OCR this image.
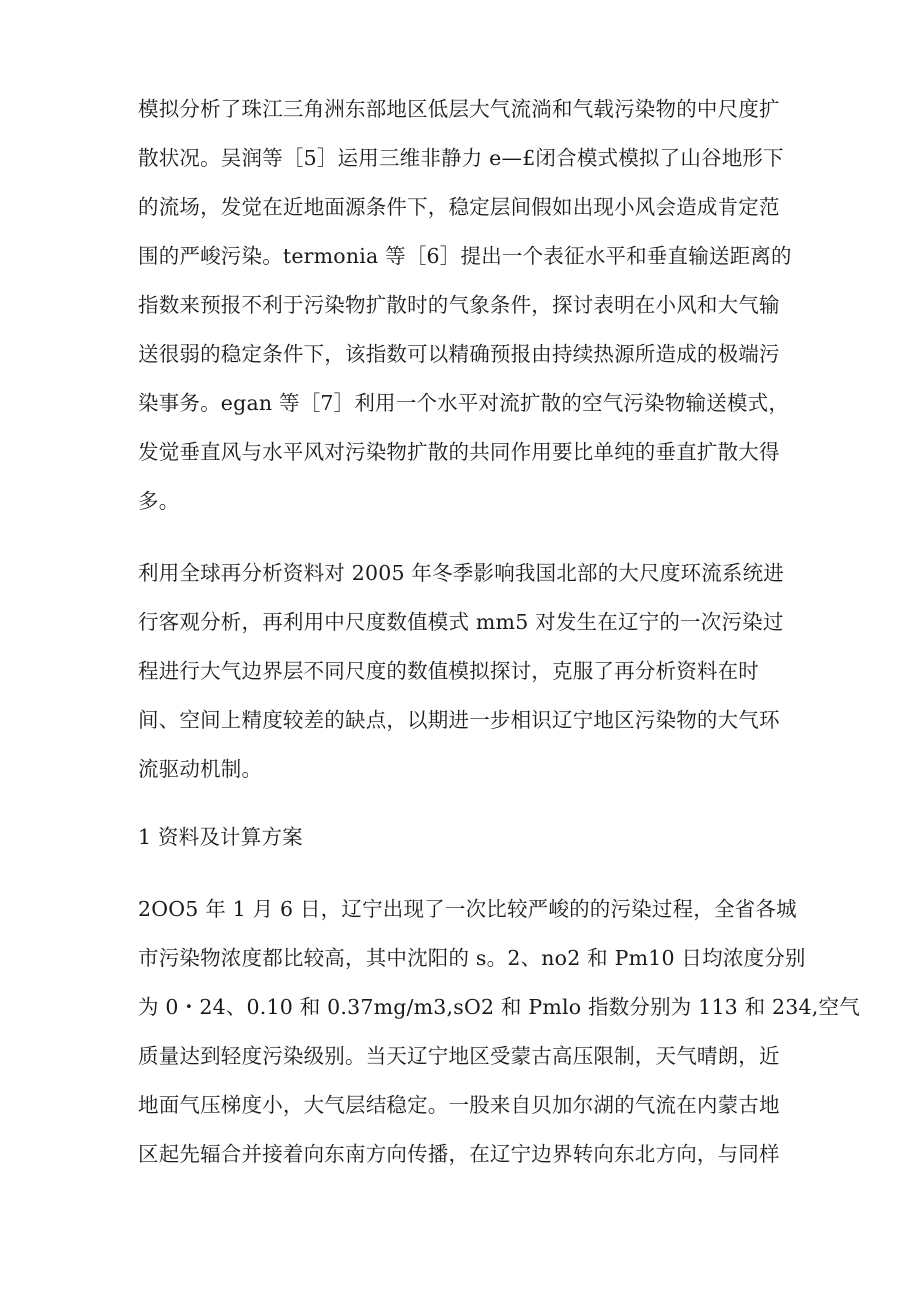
模拟分析了珠江三角洲东部地区低层大气流淌和气载污染物的中尺度扩
散状况。吴润等［5］运用三维非静力 e—£闭合模式模拟了山谷地形下
的流场，发觉在近地面源条件下，稳定层间假如出现小风会造成肯定范
围的严峻污染。termonia 等［6］提出一个表征水平和垂直输送距离的
指数来预报不利于污染物扩散时的气象条件，探讨表明在小风和大气输
送很弱的稳定条件下，该指数可以精确预报由持续热源所造成的极端污
染事务。egan 等［7］利用一个水平对流扩散的空气污染物输送模式，
发觉垂直风与水平风对污染物扩散的共同作用要比单纯的垂直扩散大得
多。
利用全球再分析资料对 2005 年冬季影响我国北部的大尺度环流系统进
行客观分析，再利用中尺度数值模式 mm5 对发生在辽宁的一次污染过
程进行大气边界层不同尺度的数值模拟探讨，克服了再分析资料在时
间、空间上精度较差的缺点，以期进一步相识辽宁地区污染物的大气环
流驱动机制。
1 资料及计算方案
2OO5 年 1 月 6 日，辽宁出现了一次比较严峻的的污染过程，全省各城
市污染物浓度都比较高，其中沈阳的 s。2、no2 和 Pm10 日均浓度分别
为 0・24、0.10 和 0.37mg/m3,sO2 和 Pmlo 指数分别为 113 和 234,空气
质量达到轻度污染级别。当天辽宁地区受蒙古高压限制，天气晴朗，近
地面气压梯度小，大气层结稳定。一股来自贝加尔湖的气流在内蒙古地
区起先辐合并接着向东南方向传播，在辽宁边界转向东北方向，与同样
